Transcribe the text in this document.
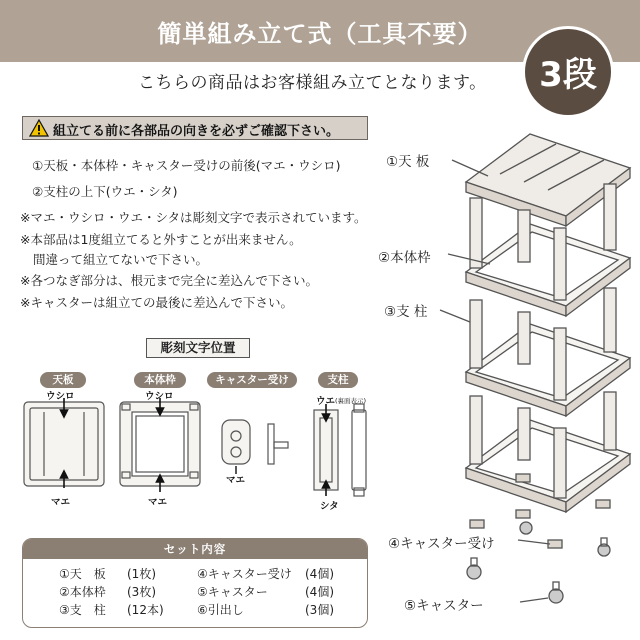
簡単組み立て式（工具不要）
こちらの商品はお客様組み立てとなります。	3段
組立てる前に各部品の向きを必ずご確認下さい。
①天板・本体枠・キャスター受けの前後(マエ・ウシロ)
②支柱の上下(ウエ・シタ)
※マエ・ウシロ・ウエ・シタは彫刻文字で表示されています。
※本部品は1度組立てると外すことが出来ません。
間違って組立てないで下さい。
※各つなぎ部分は、根元まで完全に差込んで下さい。
※キャスターは組立ての最後に差込んで下さい。
彫刻文字位置
天板	本体枠	キャスター受け	支柱
ウシロ	ウシロ
マエ	マエ
マエ
ウエ (裏面表示)
シタ
①天 板
②本体枠
③支 柱
④キャスター受け
⑤キャスター
セット内容
①天　板 (1枚)	④キャスター受け (4個)
②本体枠 (3枚)	⑤キャスター	(4個)
③支　柱 (12本)	⑥引出し	(3個)
